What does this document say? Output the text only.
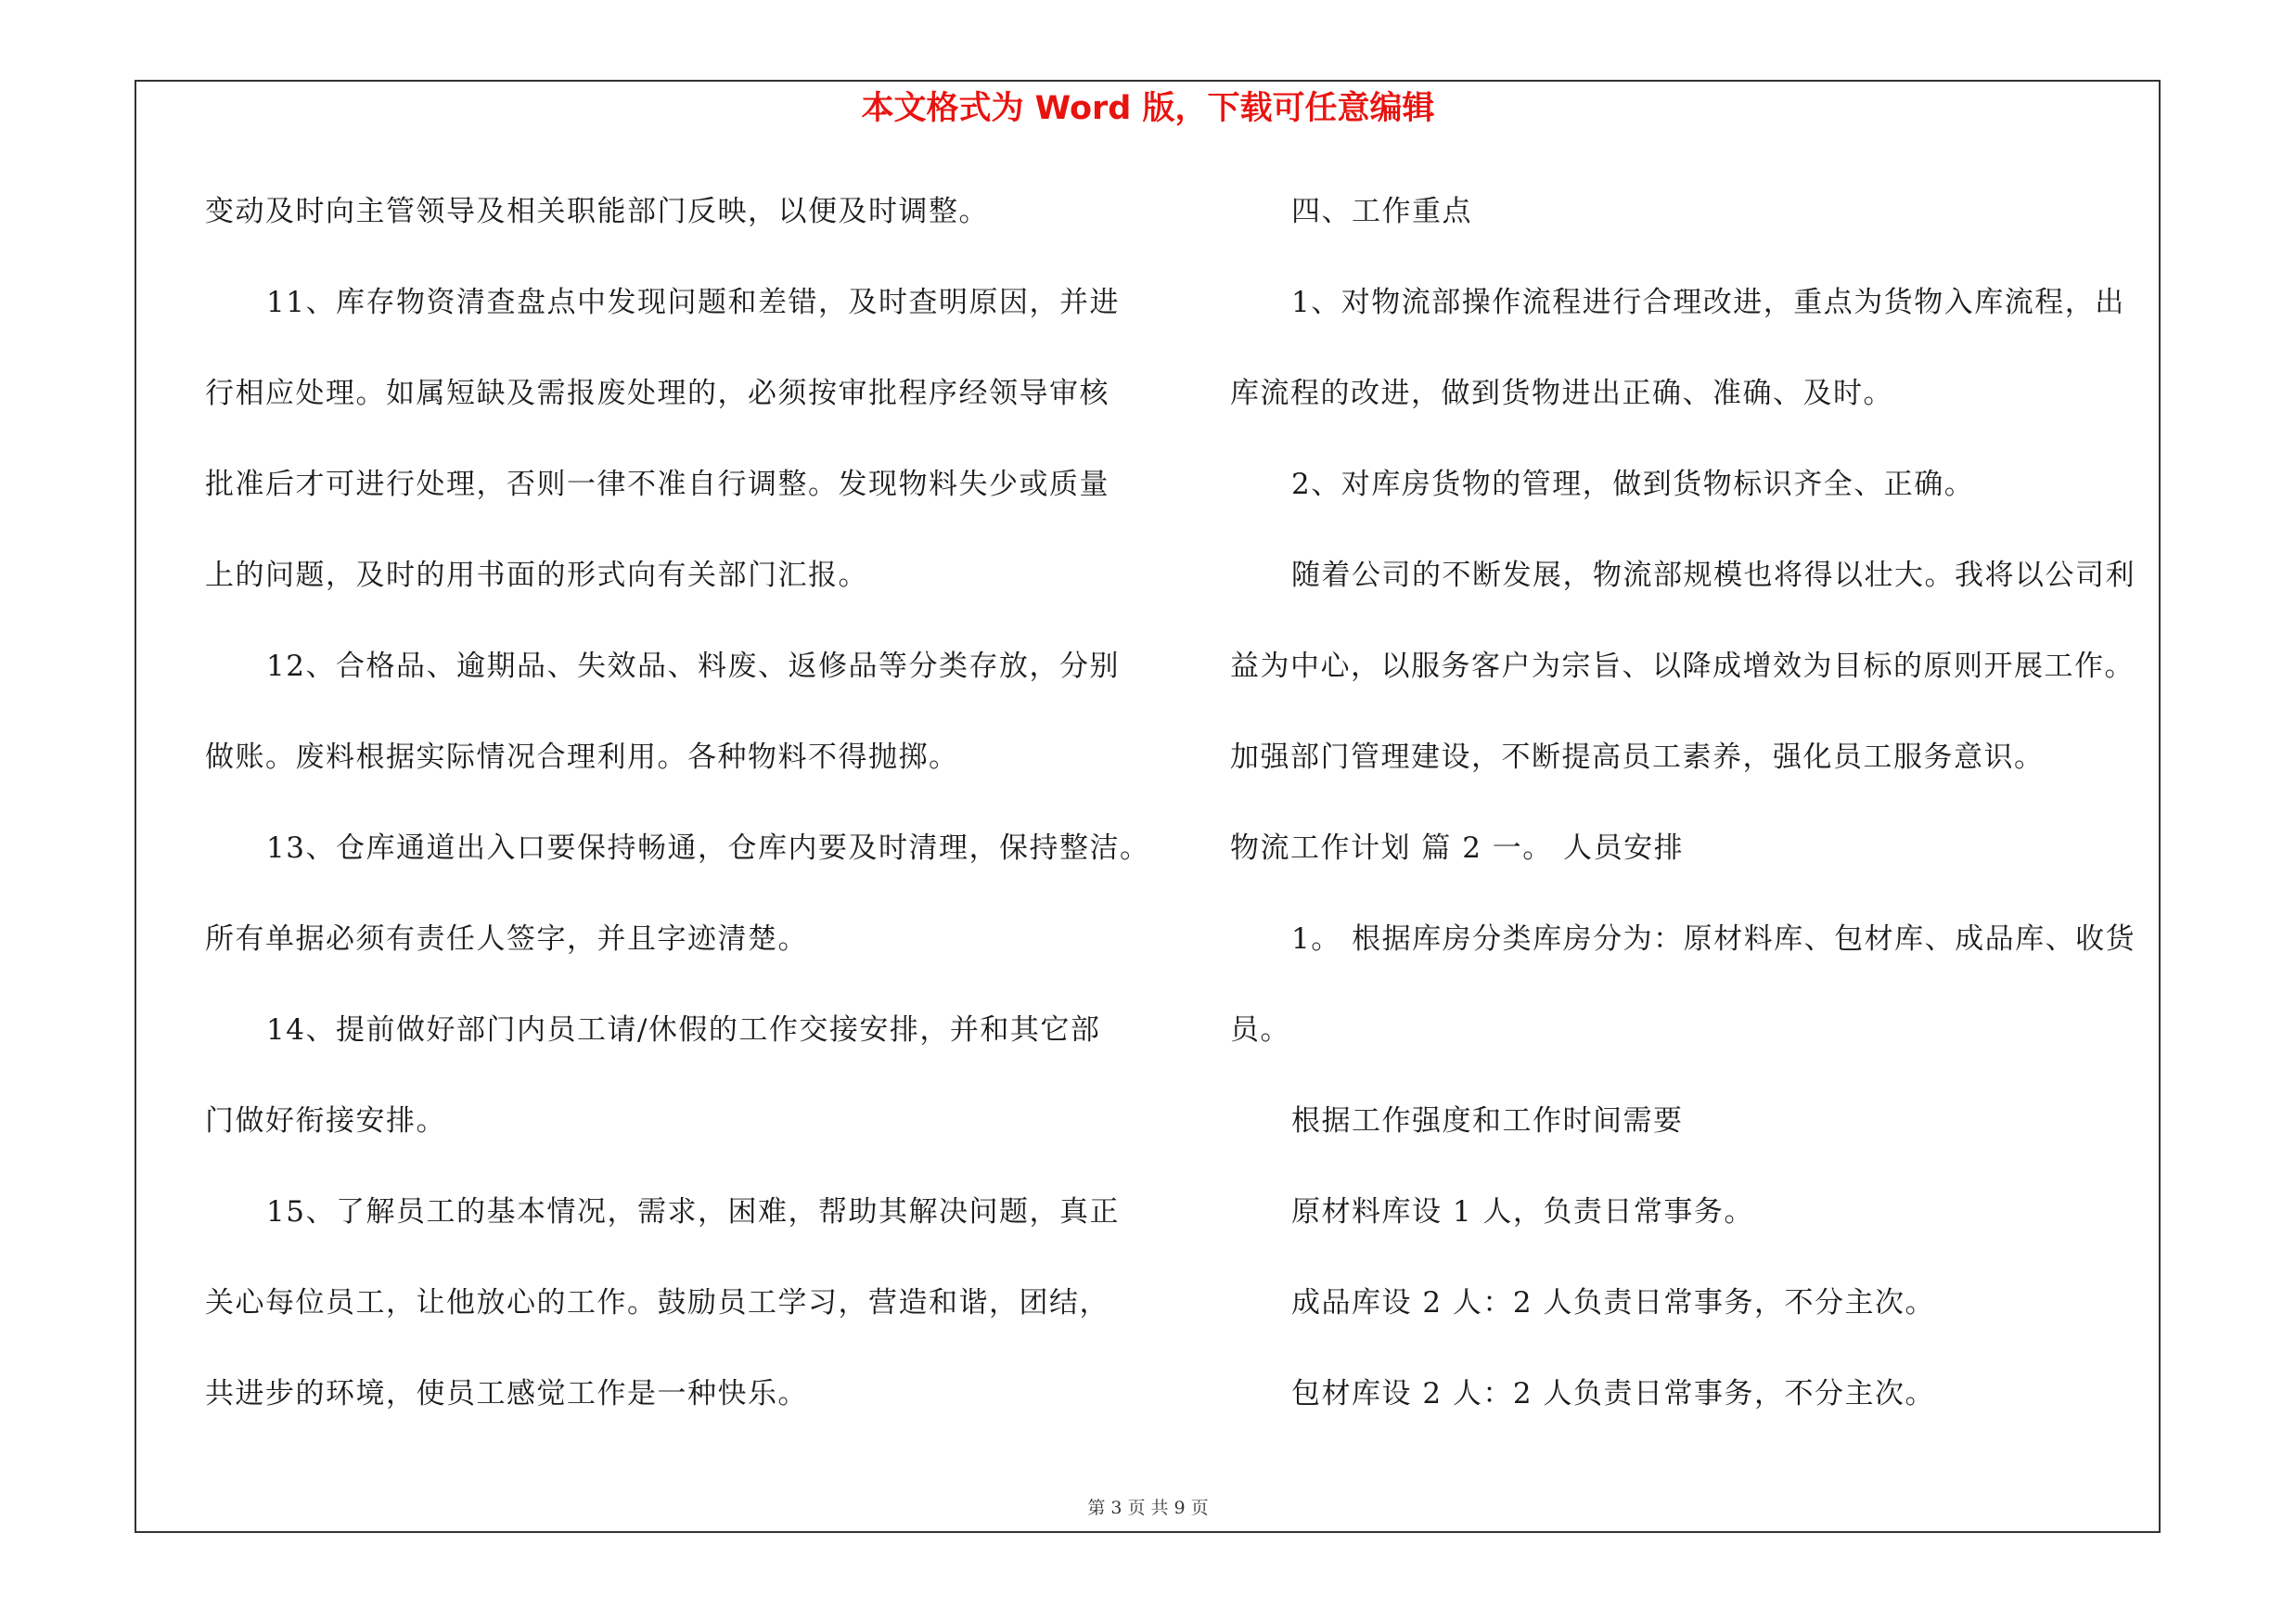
本文格式为 Word 版，下载可任意编辑
变动及时向主管领导及相关职能部门反映，以便及时调整。
11、库存物资清查盘点中发现问题和差错，及时查明原因，并进
行相应处理。如属短缺及需报废处理的，必须按审批程序经领导审核
批准后才可进行处理，否则一律不准自行调整。发现物料失少或质量
上的问题，及时的用书面的形式向有关部门汇报。
12、合格品、逾期品、失效品、料废、返修品等分类存放，分别
做账。废料根据实际情况合理利用。各种物料不得抛掷。
13、仓库通道出入口要保持畅通，仓库内要及时清理，保持整洁。
所有单据必须有责任人签字，并且字迹清楚。
14、提前做好部门内员工请/休假的工作交接安排，并和其它部
门做好衔接安排。
15、了解员工的基本情况，需求，困难，帮助其解决问题，真正
关心每位员工，让他放心的工作。鼓励员工学习，营造和谐，团结，
共进步的环境，使员工感觉工作是一种快乐。
四、工作重点
1、对物流部操作流程进行合理改进，重点为货物入库流程，出
库流程的改进，做到货物进出正确、准确、及时。
2、对库房货物的管理，做到货物标识齐全、正确。
随着公司的不断发展，物流部规模也将得以壮大。我将以公司利
益为中心，以服务客户为宗旨、以降成增效为目标的原则开展工作。
加强部门管理建设，不断提高员工素养，强化员工服务意识。
物流工作计划 篇 2 一。 人员安排
1。 根据库房分类库房分为：原材料库、包材库、成品库、收货
员。
根据工作强度和工作时间需要
原材料库设 1 人，负责日常事务。
成品库设 2 人：2 人负责日常事务，不分主次。
包材库设 2 人：2 人负责日常事务，不分主次。
第 3 页 共 9 页
